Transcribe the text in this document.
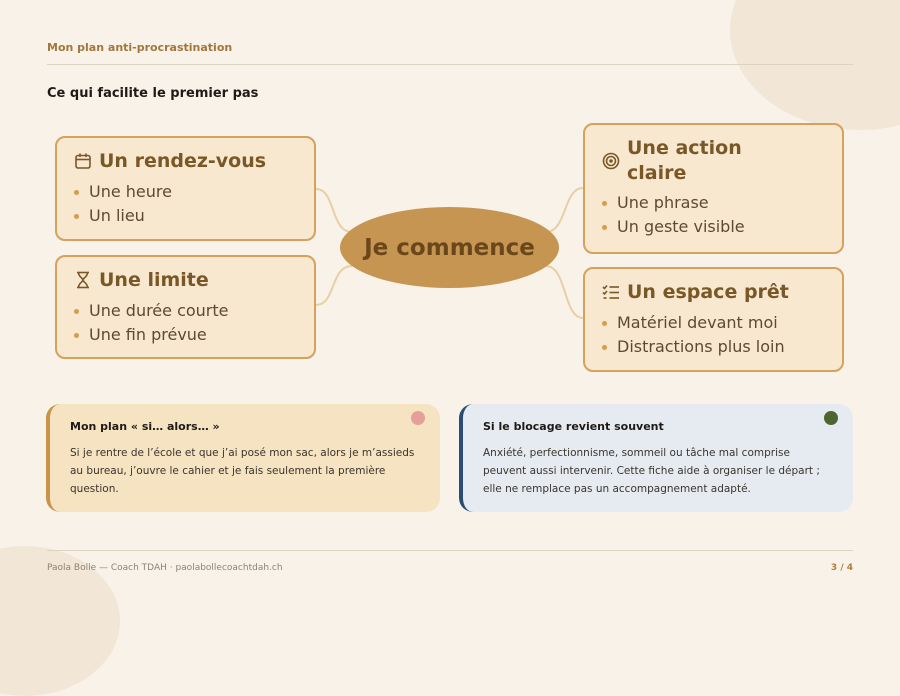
Mon plan anti-procrastination
Ce qui facilite le premier pas
Un rendez-vous
Une heure
Un lieu
Une limite
Une durée courte
Une fin prévue
Une action
claire
Une phrase
Un geste visible
Un espace prêt
Matériel devant moi
Distractions plus loin
Je commence
Mon plan « si… alors… »
Si je rentre de l’école et que j’ai posé mon sac, alors je m’assieds au bureau, j’ouvre le cahier et je fais seulement la première question.
Si le blocage revient souvent
Anxiété, perfectionnisme, sommeil ou tâche mal comprise peuvent aussi intervenir. Cette fiche aide à organiser le départ ; elle ne remplace pas un accompagnement adapté.
Paola Bolle — Coach TDAH · paolabollecoachtdah.ch	3 / 4
